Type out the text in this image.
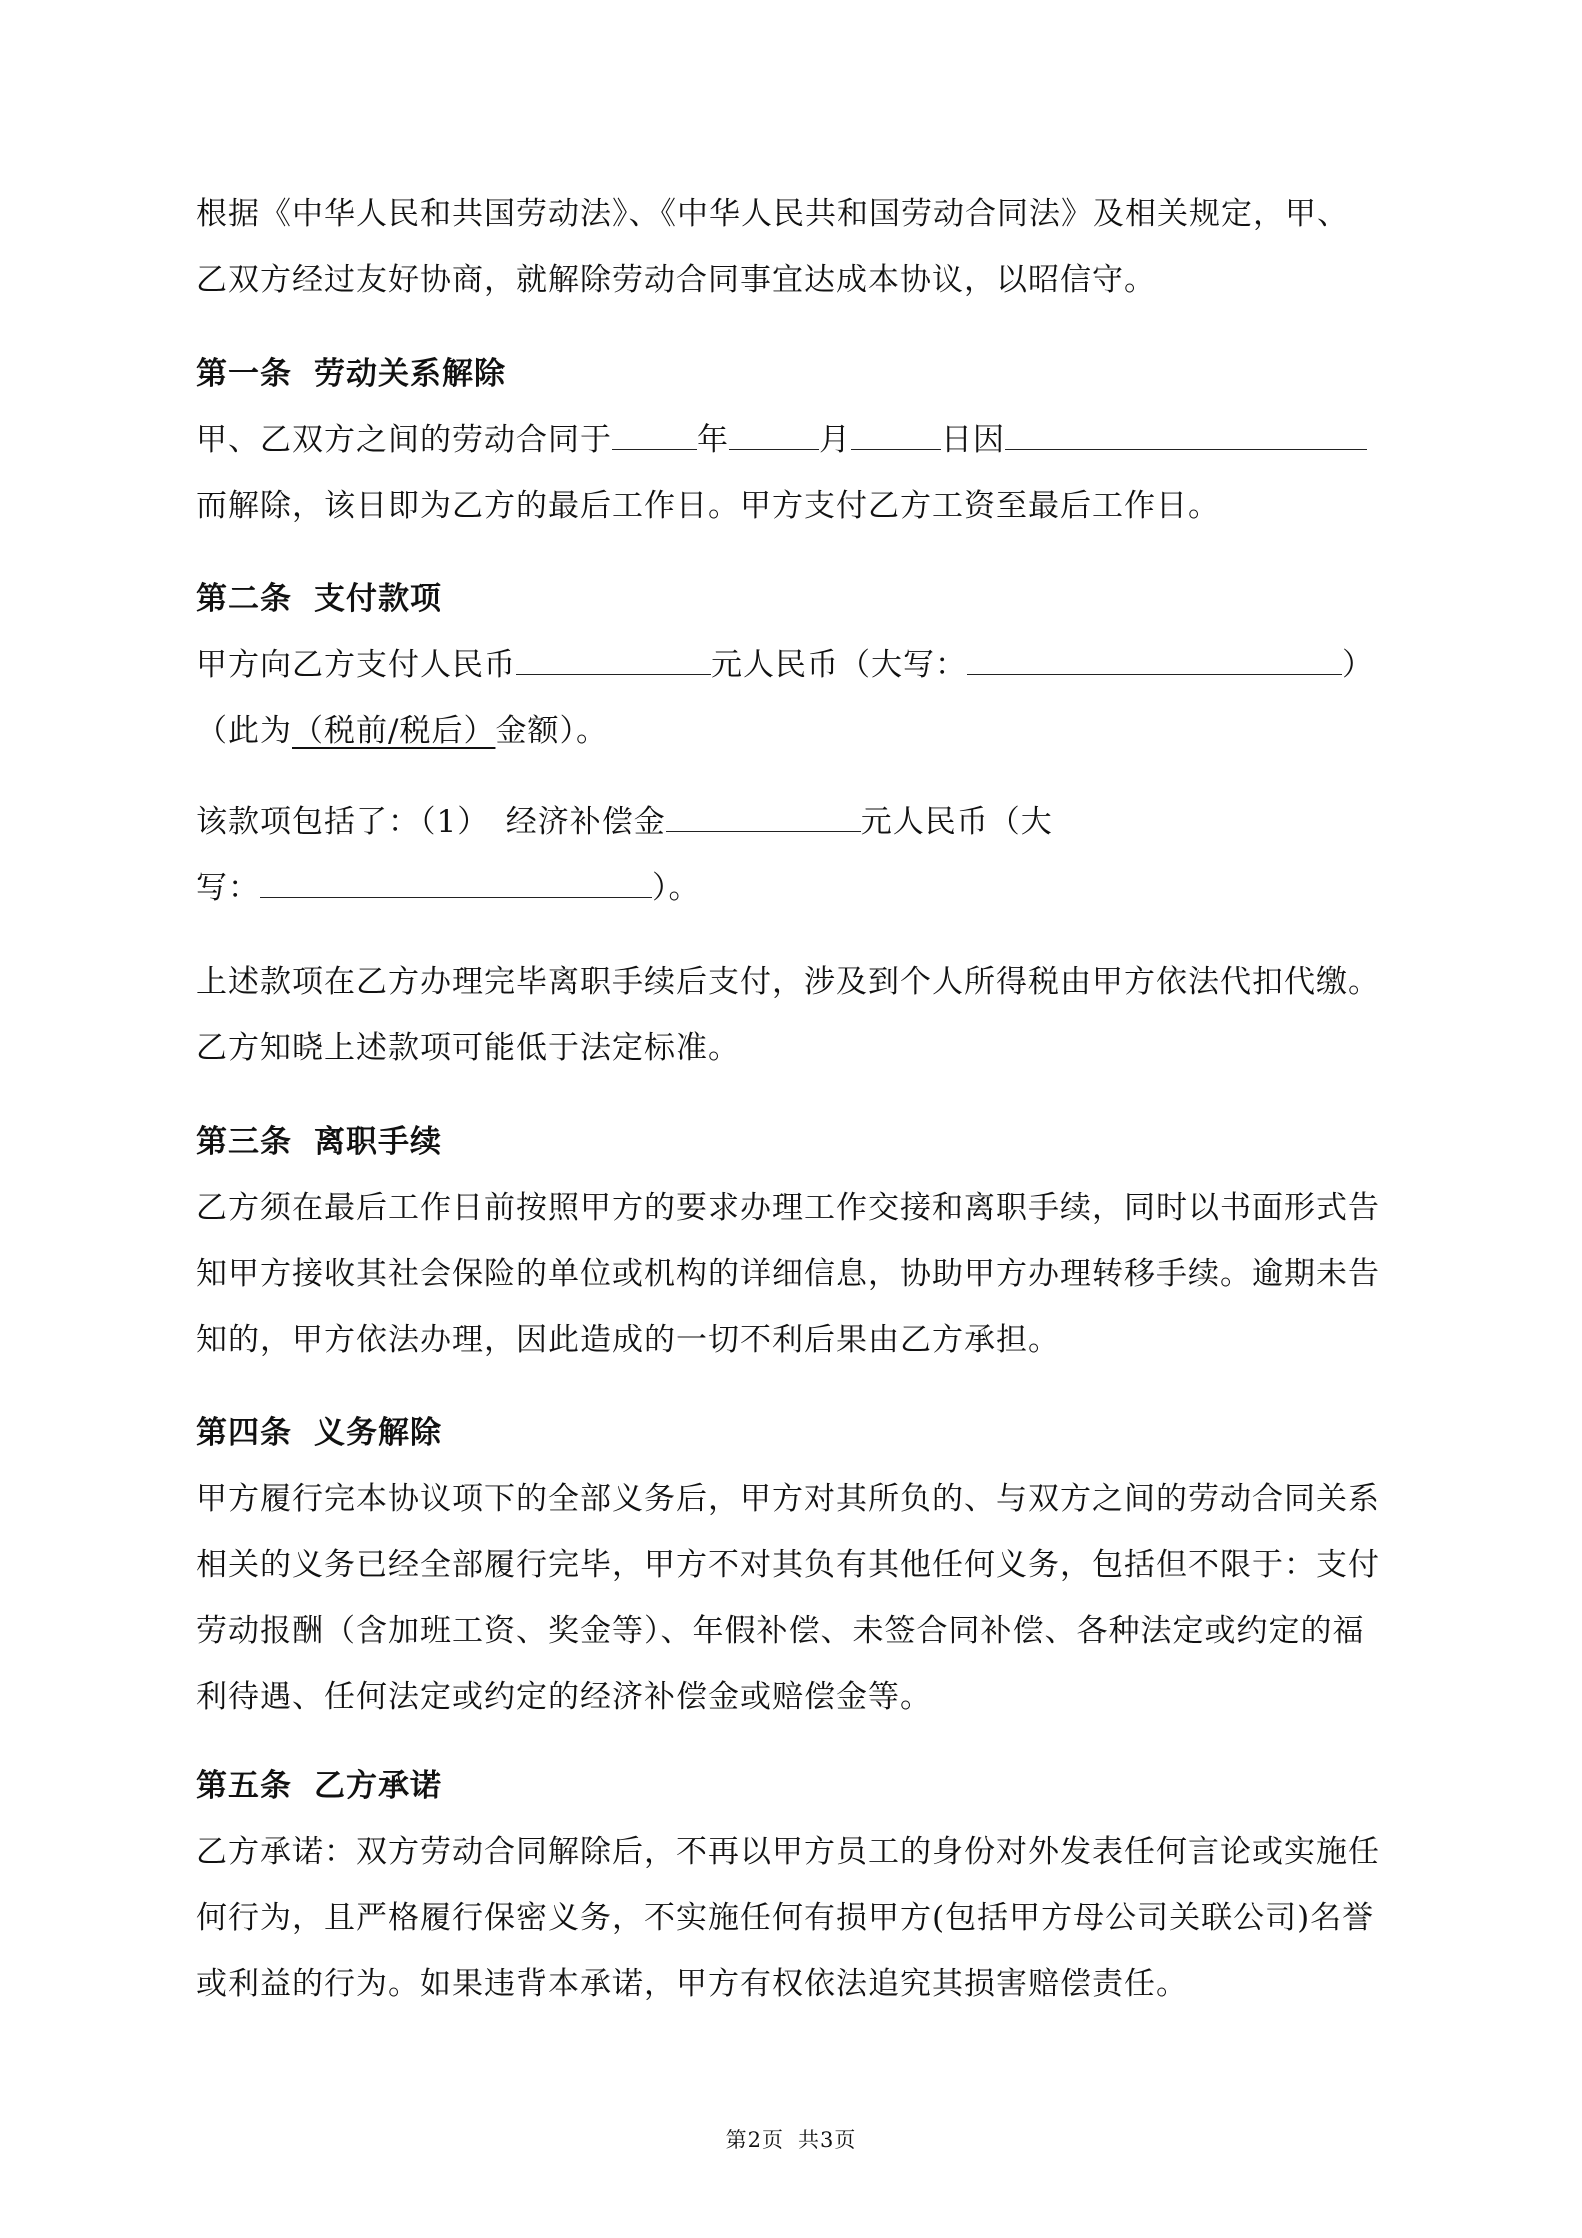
根据《中华人民和共国劳动法》、《中华人民共和国劳动合同法》及相关规定，甲、
乙双方经过友好协商，就解除劳动合同事宜达成本协议，以昭信守。
第一条 劳动关系解除
甲、乙双方之间的劳动合同于	年	月	日因
而解除，该日即为乙方的最后工作日。甲方支付乙方工资至最后工作日。
第二条 支付款项
甲方向乙方支付人民币	元人民币（大写：	）
（此为（税前/税后）金额）。
该款项包括了：（1）　经济补偿金	元人民币（大
写：	）。
上述款项在乙方办理完毕离职手续后支付，涉及到个人所得税由甲方依法代扣代缴。
乙方知晓上述款项可能低于法定标准。
第三条 离职手续
乙方须在最后工作日前按照甲方的要求办理工作交接和离职手续，同时以书面形式告
知甲方接收其社会保险的单位或机构的详细信息，协助甲方办理转移手续。逾期未告
知的，甲方依法办理，因此造成的一切不利后果由乙方承担。
第四条 义务解除
甲方履行完本协议项下的全部义务后，甲方对其所负的、与双方之间的劳动合同关系
相关的义务已经全部履行完毕，甲方不对其负有其他任何义务，包括但不限于：支付
劳动报酬（含加班工资、奖金等）、年假补偿、未签合同补偿、各种法定或约定的福
利待遇、任何法定或约定的经济补偿金或赔偿金等。
第五条 乙方承诺
乙方承诺：双方劳动合同解除后，不再以甲方员工的身份对外发表任何言论或实施任
何行为，且严格履行保密义务，不实施任何有损甲方(包括甲方母公司关联公司)名誉
或利益的行为。如果违背本承诺，甲方有权依法追究其损害赔偿责任。
第2页 共3页
